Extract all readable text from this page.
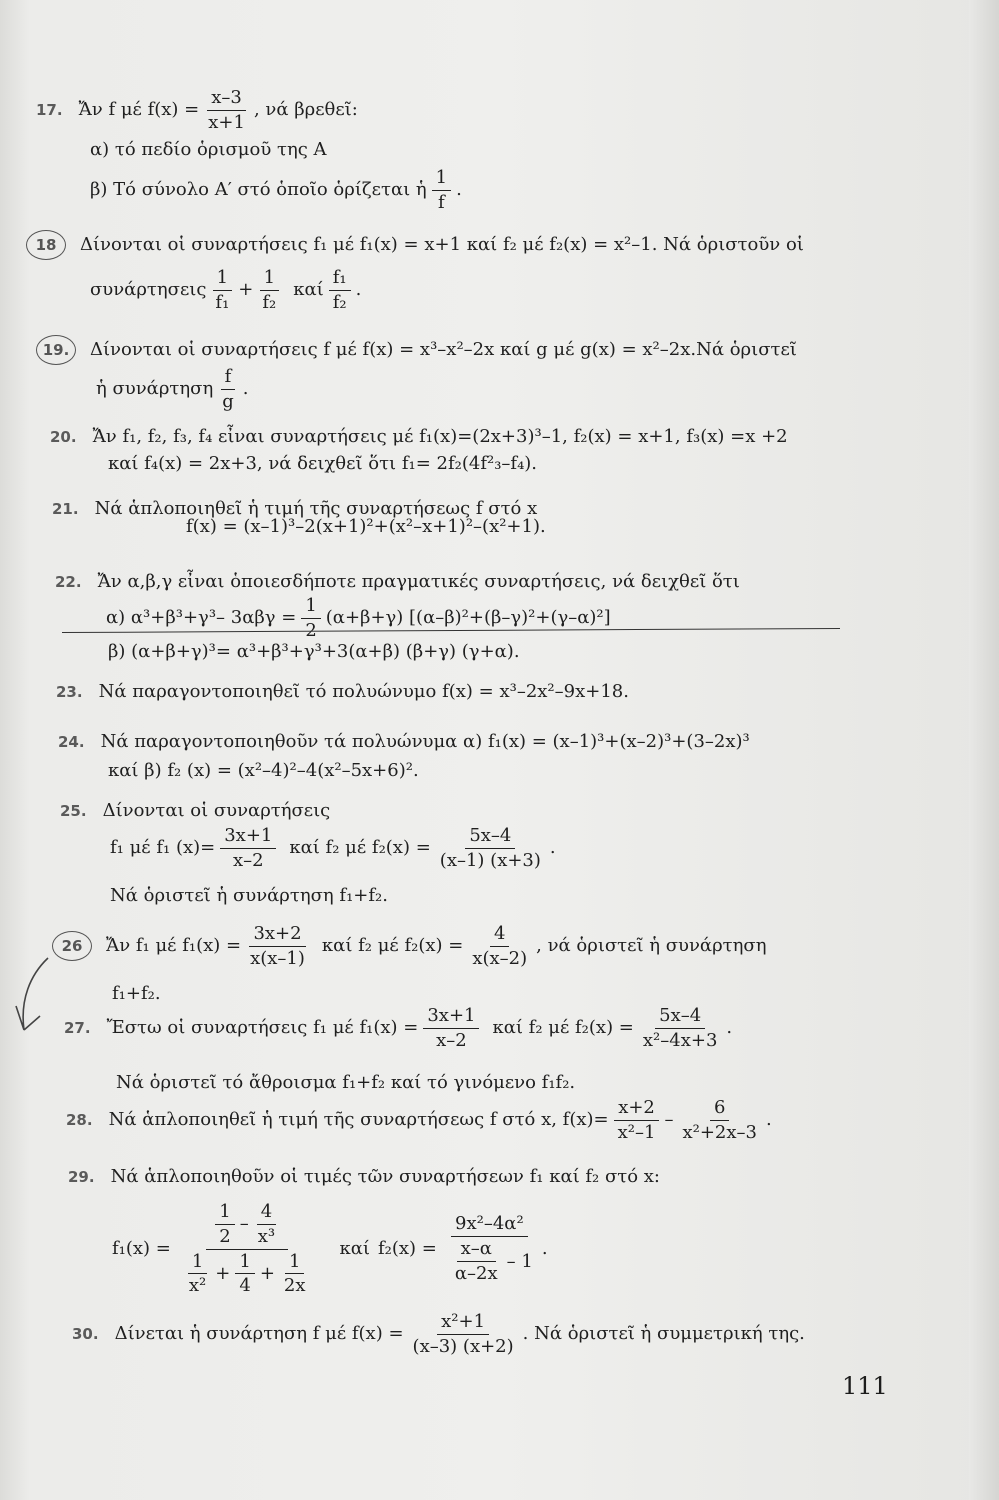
17. Ἄν f μέ $f(x) = \frac{x-3}{x+1}$ , νά βρεθεῖ:
α) τό πεδίο ὁρισμοῦ της Α
β) Τό σύνολο Α′ στό ὁποῖο ὁρίζεται ἡ $\frac{1}{f}$ .
18	Δίνονται οἱ συναρτήσεις f₁ μέ f₁(x) = x+1 καί f₂ μέ f₂(x) = x²–1. Νά ὁριστοῦν οἱ
συνάρτησεις $\frac{1}{\text{f₁}} + \frac{1}{\text{f₂}}$ καί $\frac{\text{f₁}}{\text{f₂}}$ .
19.	Δίνονται οἱ συναρτήσεις f μέ f(x) = x³–x²–2x καί g μέ g(x) = x²–2x.Νά ὁριστεῖ
ἡ συνάρτηση $\frac{f}{g}$ .
20. Ἄν f₁, f₂, f₃, f₄ εἶναι συναρτήσεις μέ f₁(x)=(2x+3)³–1, f₂(x) = x+1, f₃(x) =x +2
καί f₄(x) = 2x+3, νά δειχθεῖ ὅτι f₁= 2f₂(4f²₃–f₄).
21. Νά ἁπλοποιηθεῖ ἡ τιμή τῆς συναρτήσεως f στό x
f(x) = (x–1)³–2(x+1)²+(x²–x+1)²–(x²+1).
22. Ἄν α,β,γ εἶναι ὁποιεσδήποτε πραγματικές συναρτήσεις, νά δειχθεῖ ὅτι
α) α³+β³+γ³– $3\alpha\beta\gamma = \frac{1}{2} (\alpha+\beta+\gamma)$ [(α–β)²+(β–γ)²+(γ–α)²]
β) (α+β+γ)³= α³+β³+γ³+3(α+β) (β+γ) (γ+α).
23. Νά παραγοντοποιηθεῖ τό πολυώνυμο f(x) = x³–2x²–9x+18.
24. Νά παραγοντοποιηθοῦν τά πολυώνυμα α) f₁(x) = (x–1)³+(x–2)³+(3–2x)³
καί β) f₂ (x) = (x²–4)²–4(x²–5x+6)².
25. Δίνονται οἱ συναρτήσεις
f₁ μέ f₁ $(x)= \frac{3x+1}{x-2}$ καί f₂ μέ $f_2(x) = \frac{5x-4}{(x-1) (x+3)}$ .
Νά ὁριστεῖ ἡ συνάρτηση f₁+f₂.
26	Ἄν f₁ μέ $f_1(x) = \frac{3x+2}{x(x-1)}$ καί f₂ μέ $f_2(x) = \frac{4}{x(x-2)}$ , νά ὁριστεῖ ἡ συνάρτηση
f₁+f₂.
27. Ἔστω οἱ συναρτήσεις f₁ μέ $f_1(x) = \frac{3x+1}{x-2}$ καί f₂ μέ $f_2(x) = \frac{5x-4}{\text{x²–4x+3}}$ .
Νά ὁριστεῖ τό ἄθροισμα f₁+f₂ καί τό γινόμενο f₁f₂.
28. Νά ἁπλοποιηθεῖ ἡ τιμή τῆς συναρτήσεως f στό x, $f(x)= \frac{x+2}{\text{x²–1}} - \frac{6}{\text{x²+2x–3}}$ .
29. Νά ἁπλοποιηθοῦν οἱ τιμές τῶν συναρτήσεων f₁ καί f₂ στό x:
f₁(x) =
$\frac{1}{2} - \frac{4}{\text{x³}}$
$\frac{1}{\text{x²}} + \frac{1}{4} + \frac{1}{2x}$
καί $f_2(x) = \frac{\text{9x²–4α²}}{\frac{x-\alpha}{\alpha-2x} - 1}$ .
30. Δίνεται ἡ συνάρτηση f μέ $f(x) = \frac{\text{x²+1}}{(x-3) (x+2)}$ . Νά ὁριστεῖ ἡ συμμετρική της.
111
